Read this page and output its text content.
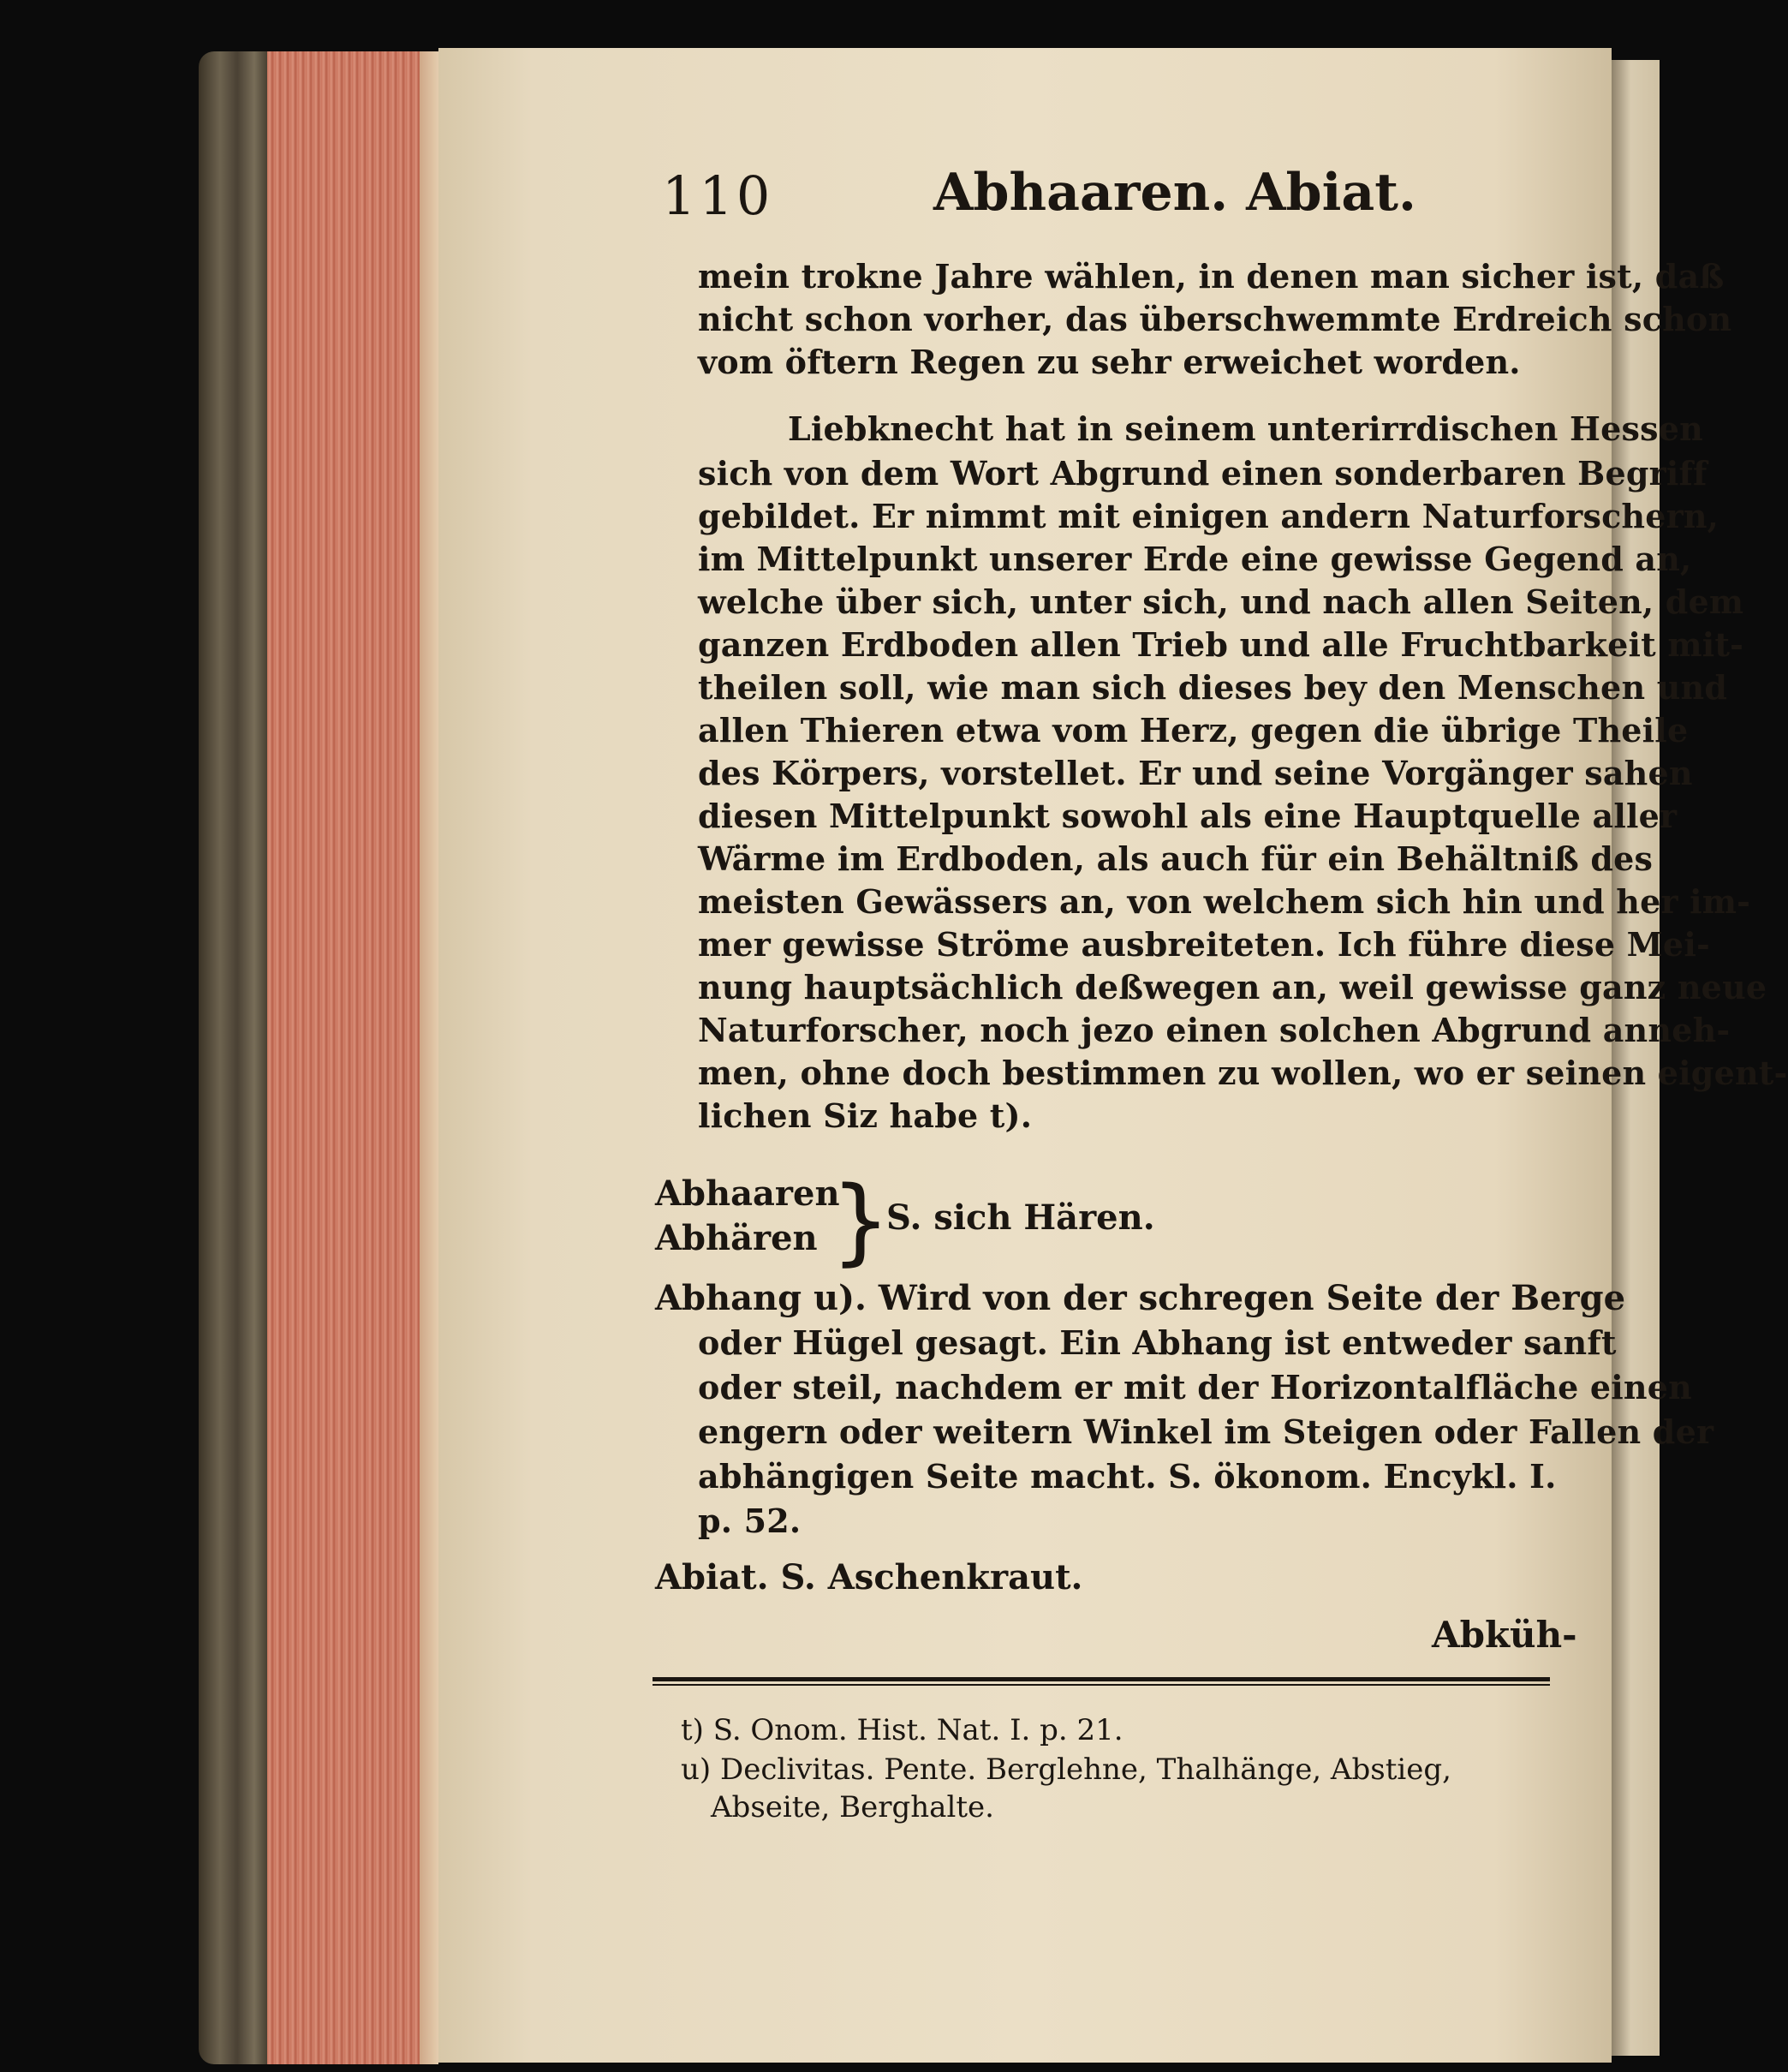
110	Abhaaren. Abiat.
mein trokne Jahre wählen, in denen man sicher ist, daß
nicht schon vorher, das überschwemmte Erdreich schon
vom öftern Regen zu sehr erweichet worden.
Liebknecht hat in seinem unterirrdischen Hessen
sich von dem Wort Abgrund einen sonderbaren Begriff
gebildet. Er nimmt mit einigen andern Naturforschern,
im Mittelpunkt unserer Erde eine gewisse Gegend an,
welche über sich, unter sich, und nach allen Seiten, dem
ganzen Erdboden allen Trieb und alle Fruchtbarkeit mit-
theilen soll, wie man sich dieses bey den Menschen und
allen Thieren etwa vom Herz, gegen die übrige Theile
des Körpers, vorstellet. Er und seine Vorgänger sahen
diesen Mittelpunkt sowohl als eine Hauptquelle aller
Wärme im Erdboden, als auch für ein Behältniß des
meisten Gewässers an, von welchem sich hin und her im-
mer gewisse Ströme ausbreiteten. Ich führe diese Mei-
nung hauptsächlich deßwegen an, weil gewisse ganz neue
Naturforscher, noch jezo einen solchen Abgrund anneh-
men, ohne doch bestimmen zu wollen, wo er seinen eigent-
lichen Siz habe t).
Abhaaren
Abhären }
S. sich Hären.
Abhang u). Wird von der schregen Seite der Berge
oder Hügel gesagt. Ein Abhang ist entweder sanft
oder steil, nachdem er mit der Horizontalfläche einen
engern oder weitern Winkel im Steigen oder Fallen der
abhängigen Seite macht. S. ökonom. Encykl. I.
p. 52.
Abiat. S. Aschenkraut.
Abküh-
t) S. Onom. Hist. Nat. I. p. 21.
u) Declivitas. Pente. Berglehne, Thalhänge, Abstieg,
Abseite, Berghalte.
